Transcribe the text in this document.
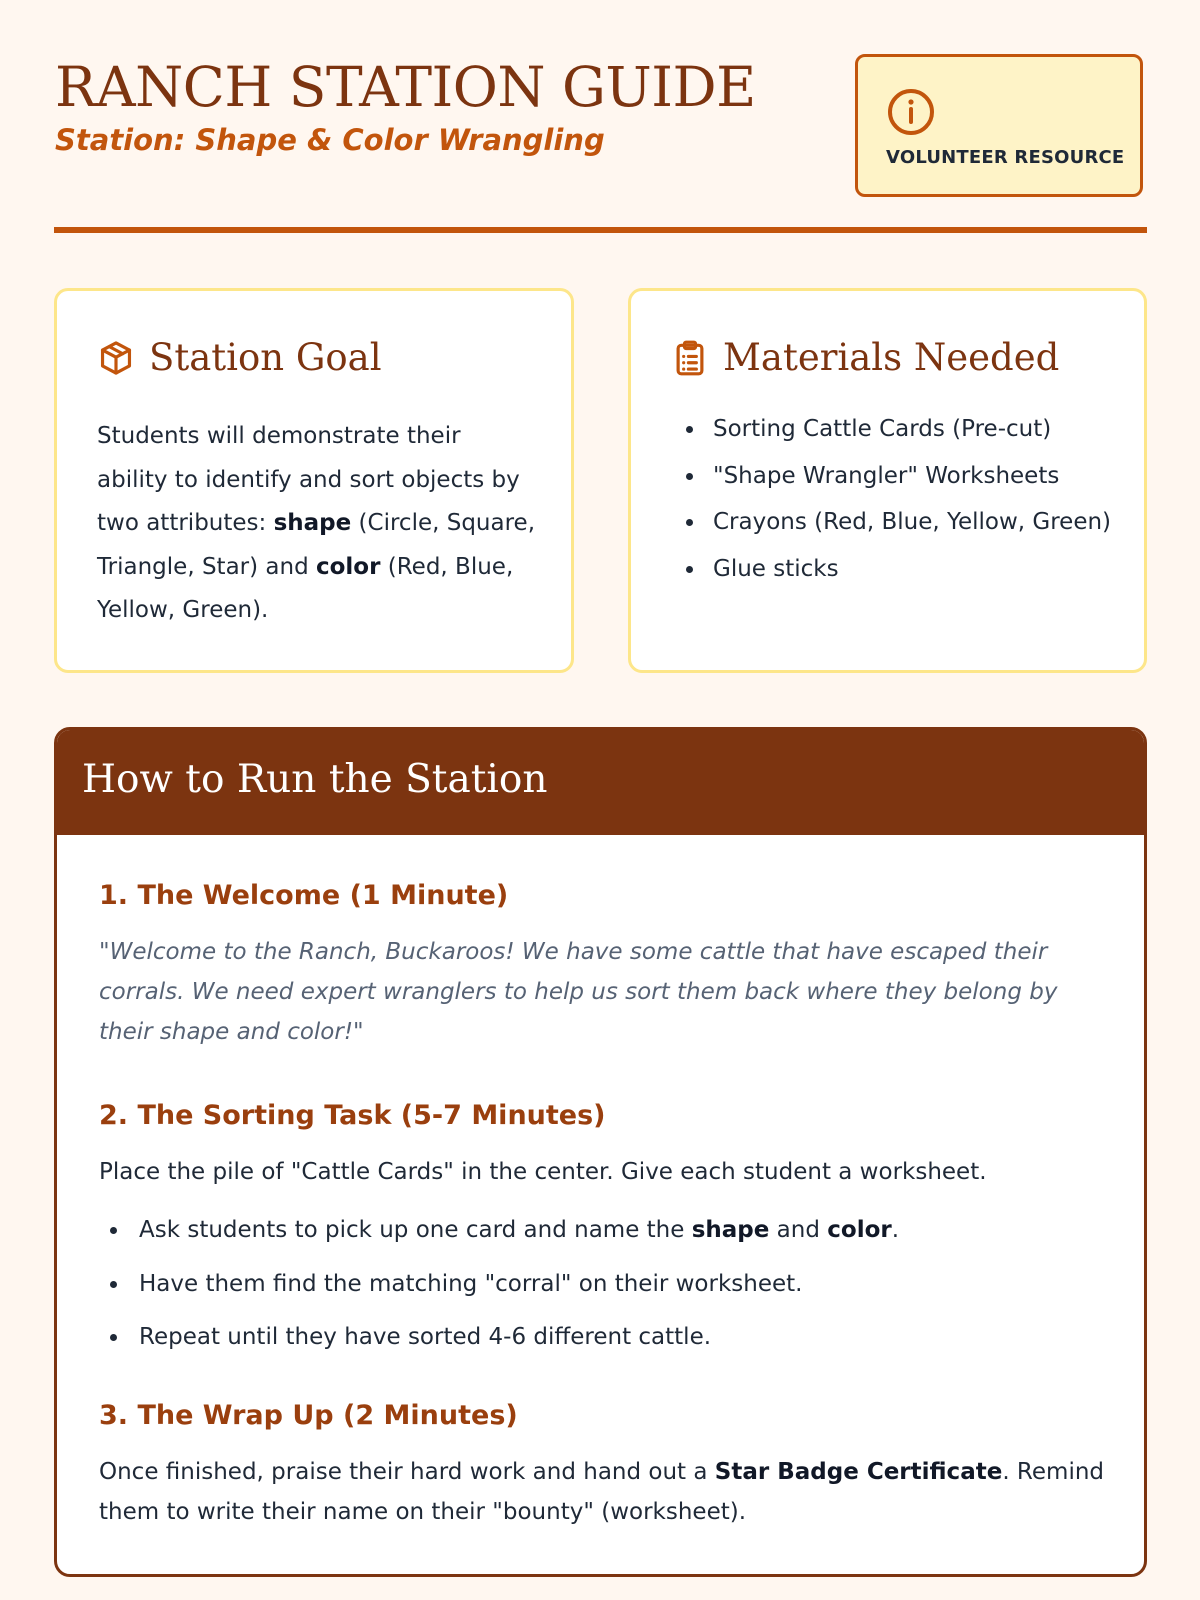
RANCH STATION GUIDE

Station: Shape & Color Wrangling

VOLUNTEER RESOURCE
Station Goal

Students will demonstrate their ability to identify and sort objects by two attributes: shape (Circle, Square, Triangle, Star) and color (Red, Blue, Yellow, Green).

Materials Needed
Sorting Cattle Cards (Pre-cut)
"Shape Wrangler" Worksheets
Crayons (Red, Blue, Yellow, Green)
Glue sticks
How to Run the Station
1. The Welcome (1 Minute)

"Welcome to the Ranch, Buckaroos! We have some cattle that have escaped their corrals. We need expert wranglers to help us sort them back where they belong by their shape and color!"

2. The Sorting Task (5-7 Minutes)

Place the pile of "Cattle Cards" in the center. Give each student a worksheet.

Ask students to pick up one card and name the shape and color.
Have them find the matching "corral" on their worksheet.
Repeat until they have sorted 4-6 different cattle.
3. The Wrap Up (2 Minutes)

Once finished, praise their hard work and hand out a Star Badge Certificate. Remind them to write their name on their "bounty" (worksheet).
